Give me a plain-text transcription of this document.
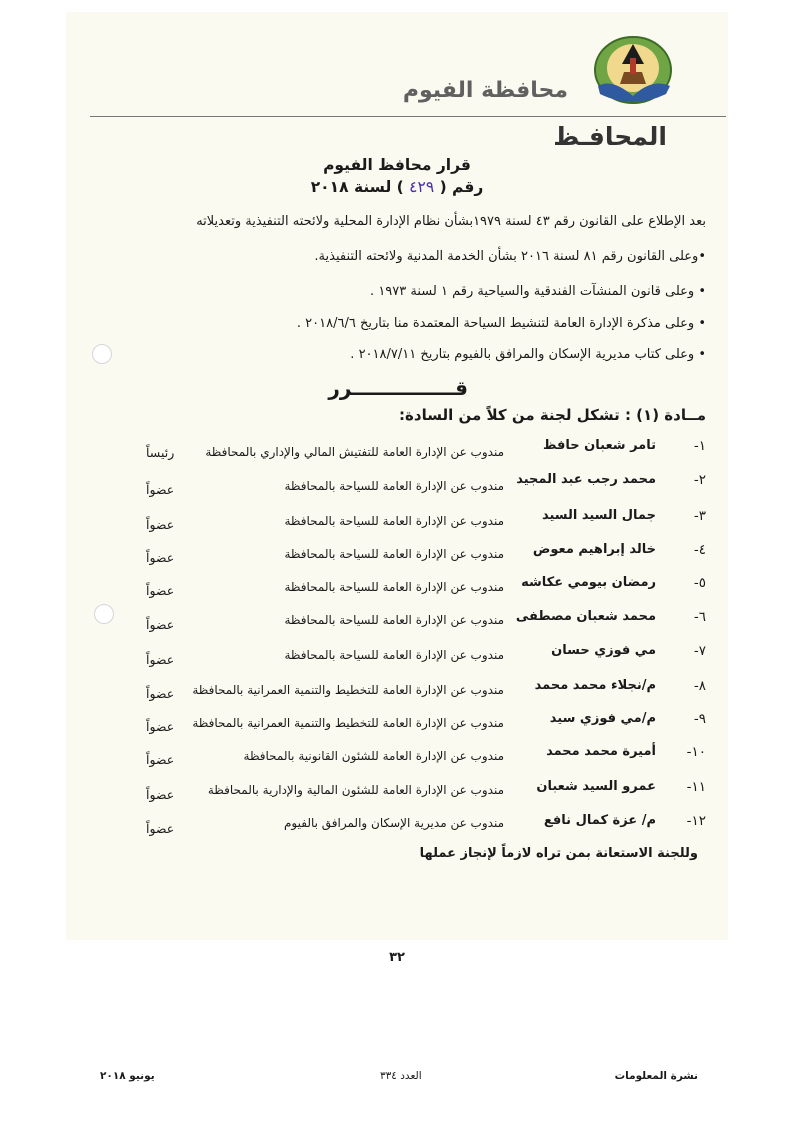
محافظة الفيوم
المحافـظ
قرار محافظ الفيوم
رقم ( ٤٢٩ ) لسنة ٢٠١٨
بعد الإطلاع على القانون رقم ٤٣ لسنة ١٩٧٩بشأن نظام الإدارة المحلية ولائحته التنفيذية وتعديلاته
•وعلى القانون رقم ٨١ لسنة ٢٠١٦ بشأن الخدمة المدنية ولائحته التنفيذية.
• وعلى قانون المنشآت الفندقية والسياحية رقم ١ لسنة ١٩٧٣ .
• وعلى مذكرة الإدارة العامة لتنشيط السياحة المعتمدة منا بتاريخ ٢٠١٨/٦/٦ .
• وعلى كتاب مديرية الإسكان والمرافق بالفيوم بتاريخ ٢٠١٨/٧/١١ .
قـــــــــــــــرر
مــادة (١) : تشكل لجنة من كلاً من السادة:
١-
تامر شعبان حافظ
مندوب عن الإدارة العامة للتفتيش المالي والإداري بالمحافظة
رئيساً
٢-
محمد رجب عبد المجيد
مندوب عن الإدارة العامة للسياحة بالمحافظة
عضواً
٣-
جمال السيد السيد
مندوب عن الإدارة العامة للسياحة بالمحافظة
عضواً
٤-
خالد إبراهيم معوض
مندوب عن الإدارة العامة للسياحة بالمحافظة
عضواً
٥-
رمضان بيومي عكاشه
مندوب عن الإدارة العامة للسياحة بالمحافظة
عضواً
٦-
محمد شعبان مصطفى
مندوب عن الإدارة العامة للسياحة بالمحافظة
عضواً
٧-
مي فوزي حسان
مندوب عن الإدارة العامة للسياحة بالمحافظة
عضواً
٨-
م/نجلاء محمد محمد
مندوب عن الإدارة العامة للتخطيط والتنمية العمرانية بالمحافظة
عضواً
٩-
م/مي فوزي سيد
مندوب عن الإدارة العامة للتخطيط والتنمية العمرانية بالمحافظة
عضواً
١٠-
أميرة محمد محمد
مندوب عن الإدارة العامة للشئون القانونية بالمحافظة
عضواً
١١-
عمرو السيد شعبان
مندوب عن الإدارة العامة للشئون المالية والإدارية بالمحافظة
عضواً
١٢-
م/ عزة كمال نافع
مندوب عن مديرية الإسكان والمرافق بالفيوم
عضواً
وللجنة الاستعانة بمن تراه لازماً لإنجاز عملها
٣٢
يونيو ٢٠١٨	العدد ٣٣٤	نشرة المعلومات
